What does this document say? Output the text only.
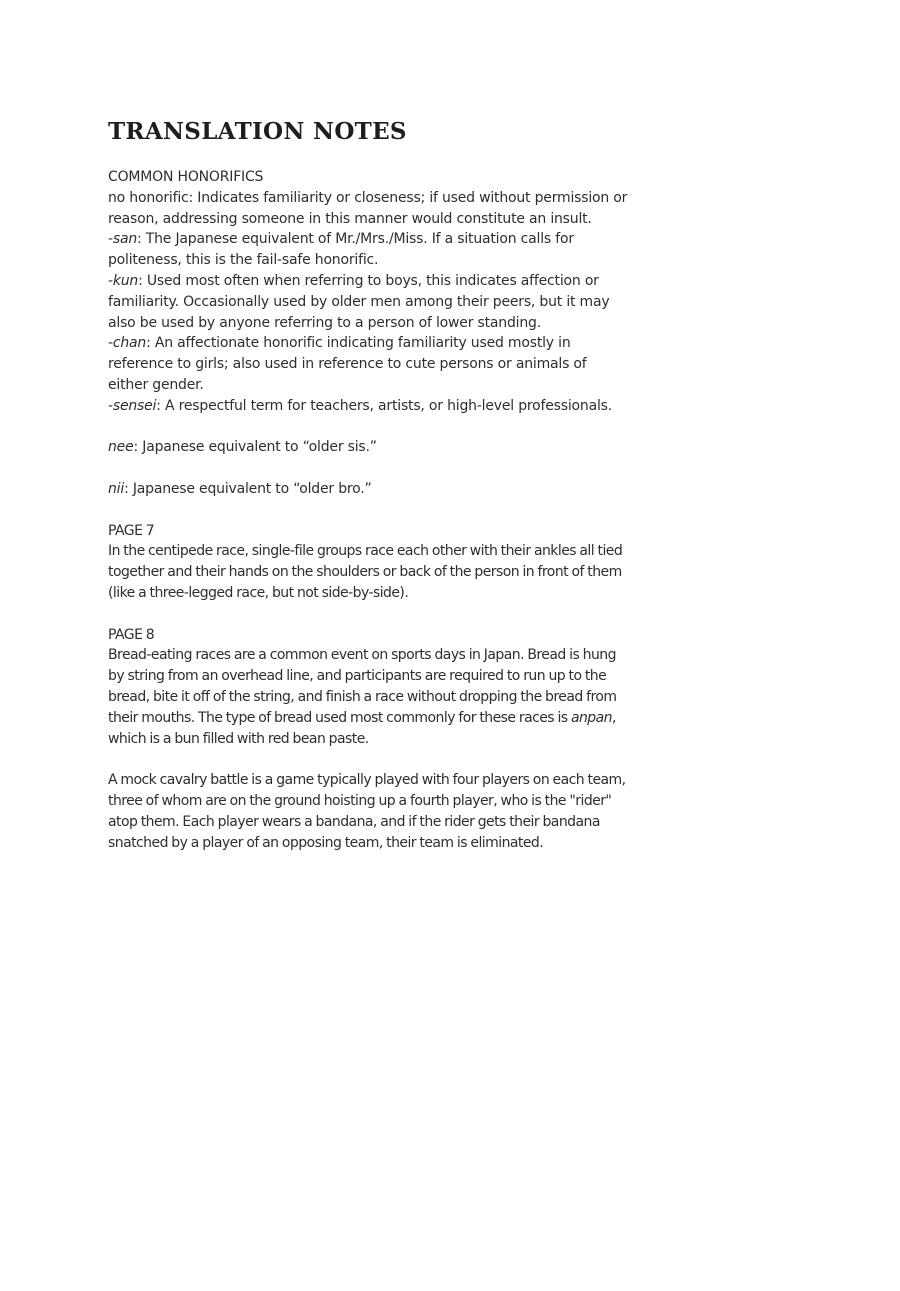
TRANSLATION NOTES

COMMON HONORIFICS

no honorific: Indicates familiarity or closeness; if used without permission or reason, addressing someone in this manner would constitute an insult.

-san: The Japanese equivalent of Mr./Mrs./Miss. If a situation calls for politeness, this is the fail-safe honorific.

-kun: Used most often when referring to boys, this indicates affection or familiarity. Occasionally used by older men among their peers, but it may also be used by anyone referring to a person of lower standing.

-chan: An affectionate honorific indicating familiarity used mostly in reference to girls; also used in reference to cute persons or animals of either gender.

-sensei: A respectful term for teachers, artists, or high-level professionals.

nee: Japanese equivalent to “older sis.”

nii: Japanese equivalent to “older bro.”

PAGE 7

In the centipede race, single-file groups race each other with their ankles all tied together and their hands on the shoulders or back of the person in front of them (like a three-legged race, but not side-by-side).

PAGE 8

Bread-eating races are a common event on sports days in Japan. Bread is hung by string from an overhead line, and participants are required to run up to the bread, bite it off of the string, and finish a race without dropping the bread from their mouths. The type of bread used most commonly for these races is anpan, which is a bun filled with red bean paste.

A mock cavalry battle is a game typically played with four players on each team, three of whom are on the ground hoisting up a fourth player, who is the "rider" atop them. Each player wears a bandana, and if the rider gets their bandana snatched by a player of an opposing team, their team is eliminated.
